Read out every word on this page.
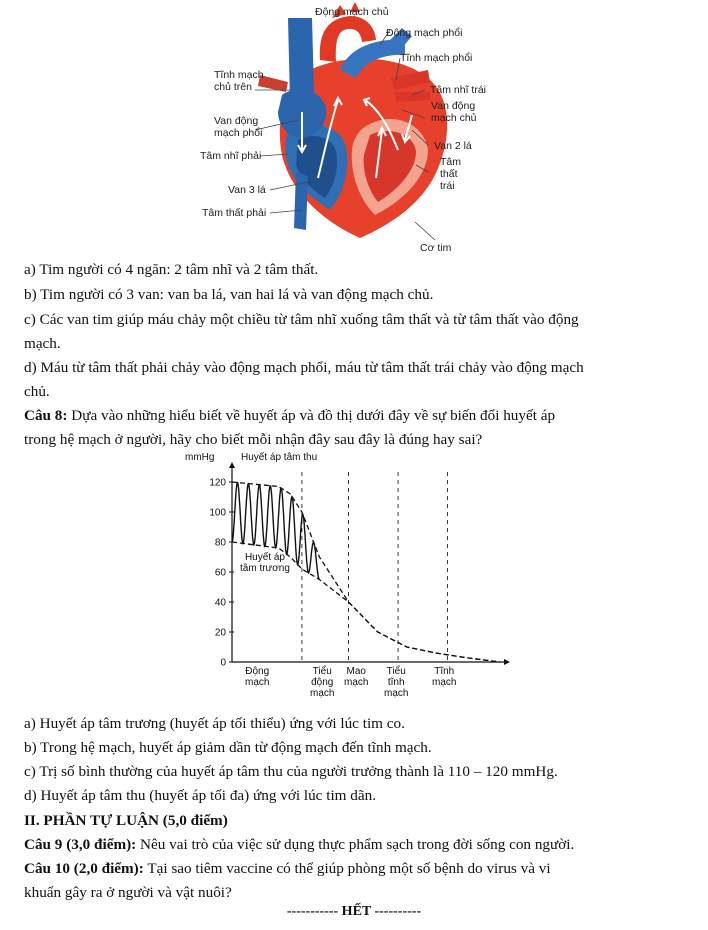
Động mạch chủ
Động mạch phổi
Tĩnh mạch phổi
Tĩnh mạch
chủ trên	Tâm nhĩ trái
Van động
mạch chủ
Van động
mạch phổi
Van 2 lá
Tâm nhĩ phải	Tâm
thất
trái
Van 3 lá
Tâm thất phải
Cơ tim
a) Tim người có 4 ngăn: 2 tâm nhĩ và 2 tâm thất.
b) Tim người có 3 van: van ba lá, van hai lá và van động mạch chủ.
c) Các van tim giúp máu chảy một chiều từ tâm nhĩ xuống tâm thất và từ tâm thất vào động
mạch.
d) Máu từ tâm thất phải chảy vào động mạch phổi, máu từ tâm thất trái chảy vào động mạch
chủ.
Câu 8: Dựa vào những hiểu biết về huyết áp và đồ thị dưới đây về sự biến đổi huyết áp
trong hệ mạch ở người, hãy cho biết mỗi nhận đây sau đây là đúng hay sai?
0
20
40
60
80
100
120
mmHg	Huyết áp tâm thu
Huyết áp
tâm trương
Động
mạch
Tiểu
động
mạch
Mao
mạch
Tiểu
tĩnh
mạch
Tĩnh
mạch
a) Huyết áp tâm trương (huyết áp tối thiểu) ứng với lúc tim co.
b) Trong hệ mạch, huyết áp giảm dần từ động mạch đến tĩnh mạch.
c) Trị số bình thường của huyết áp tâm thu của người trưởng thành là 110 – 120 mmHg.
d) Huyết áp tâm thu (huyết áp tối đa) ứng với lúc tim dãn.
II. PHẦN TỰ LUẬN (5,0 điểm)
Câu 9 (3,0 điểm): Nêu vai trò của việc sử dụng thực phẩm sạch trong đời sống con người.
Câu 10 (2,0 điểm): Tại sao tiêm vaccine có thể giúp phòng một số bệnh do virus và vi
khuẩn gây ra ở người và vật nuôi?
----------- HẾT ----------
